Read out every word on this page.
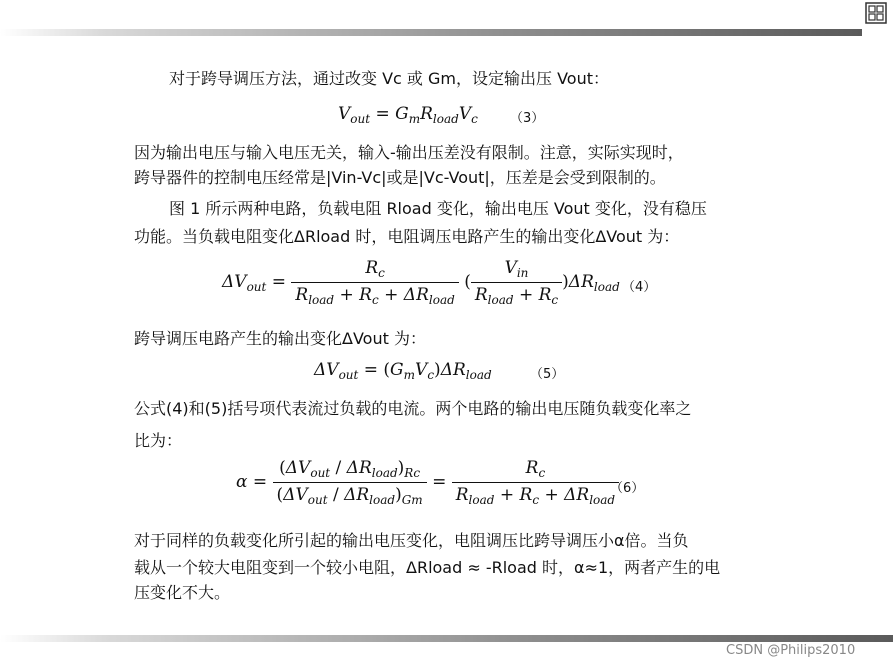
对于跨导调压方法，通过改变 Vc 或 Gm，设定输出压 Vout：
$V_{out} = G_mR_{load}V_c$ （3）
因为输出电压与输入电压无关，输入-输出压差没有限制。注意，实际实现时，
跨导器件的控制电压经常是|Vin-Vc|或是|Vc-Vout|，压差是会受到限制的。
图 1 所示两种电路，负载电阻 Rload 变化，输出电压 Vout 变化，没有稳压
功能。当负载电阻变化ΔRload 时，电阻调压电路产生的输出变化ΔVout 为：
$\Delta V_{out} = \frac{R_c}{R_{load} + R_c + \Delta R_{load}}$ ( $\frac{V_{in}}{R_{load} + R_c} )\Delta R_{load}$ （4）
跨导调压电路产生的输出变化ΔVout 为：
$\Delta V_{out} = (G_mV_c)\Delta R_{load}$	（5）
公式(4)和(5)括号项代表流过负载的电流。两个电路的输出电压随负载变化率之
比为：
$\alpha = \frac{(\Delta V_{out} / \Delta R_{load})_{Rc}}{(\Delta V_{out} / \Delta R_{load})_{Gm}} = \frac{R_c}{R_{load} + R_c + \Delta R_{load}}$
（6）
对于同样的负载变化所引起的输出电压变化，电阻调压比跨导调压小α倍。当负
载从一个较大电阻变到一个较小电阻，ΔRload ≈ -Rload 时，α≈1，两者产生的电
压变化不大。
CSDN @Philips2010
